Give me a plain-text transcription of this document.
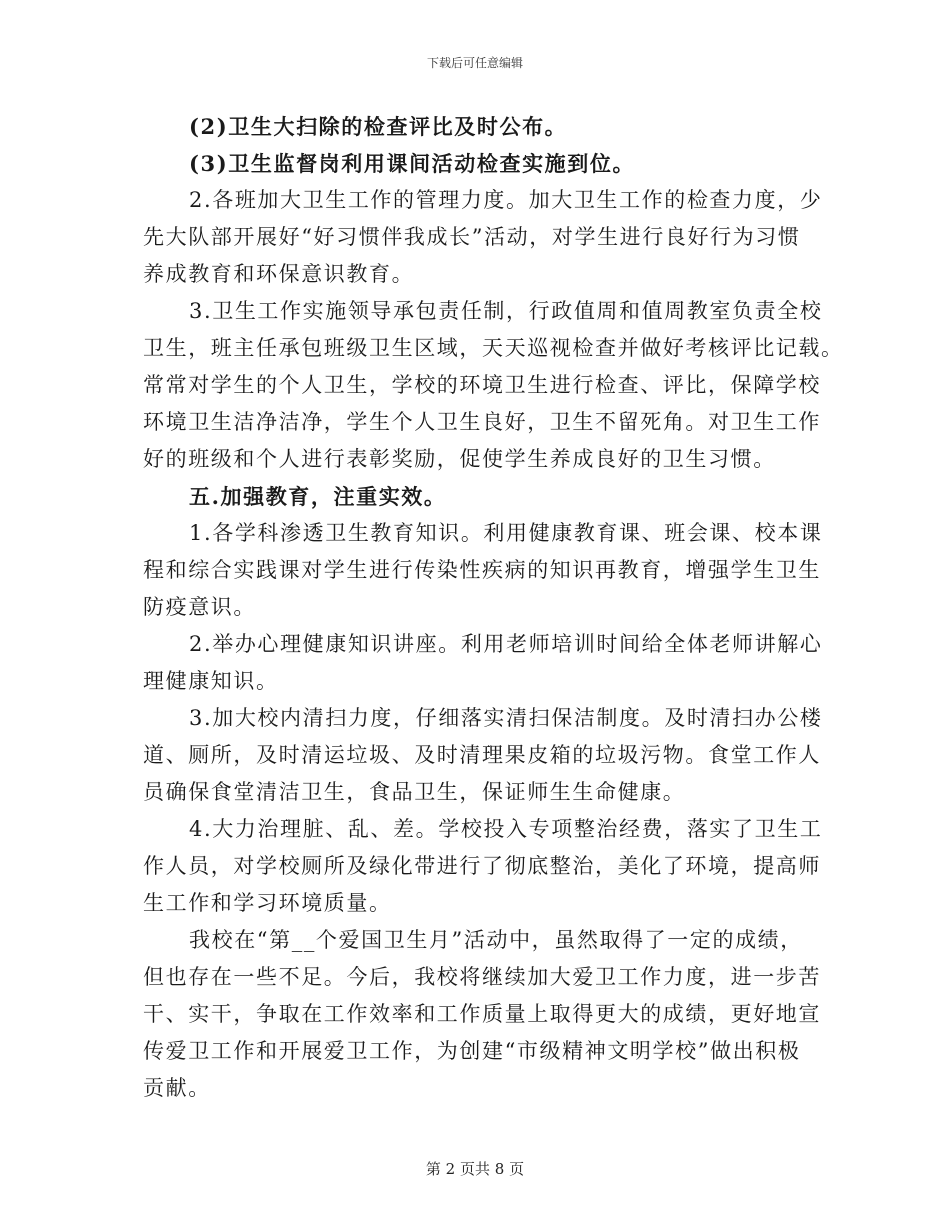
下载后可任意编辑
(2)卫生大扫除的检查评比及时公布。
(3)卫生监督岗利用课间活动检查实施到位。
2.各班加大卫生工作的管理力度。加大卫生工作的检查力度，少
先大队部开展好“好习惯伴我成长”活动，对学生进行良好行为习惯
养成教育和环保意识教育。
3.卫生工作实施领导承包责任制，行政值周和值周教室负责全校
卫生，班主任承包班级卫生区域，天天巡视检查并做好考核评比记载。
常常对学生的个人卫生，学校的环境卫生进行检查、评比，保障学校
环境卫生洁净洁净，学生个人卫生良好，卫生不留死角。对卫生工作
好的班级和个人进行表彰奖励，促使学生养成良好的卫生习惯。
五.加强教育，注重实效。
1.各学科渗透卫生教育知识。利用健康教育课、班会课、校本课
程和综合实践课对学生进行传染性疾病的知识再教育，增强学生卫生
防疫意识。
2.举办心理健康知识讲座。利用老师培训时间给全体老师讲解心
理健康知识。
3.加大校内清扫力度，仔细落实清扫保洁制度。及时清扫办公楼
道、厕所，及时清运垃圾、及时清理果皮箱的垃圾污物。食堂工作人
员确保食堂清洁卫生，食品卫生，保证师生生命健康。
4.大力治理脏、乱、差。学校投入专项整治经费，落实了卫生工
作人员，对学校厕所及绿化带进行了彻底整治，美化了环境，提高师
生工作和学习环境质量。
我校在“第__个爱国卫生月”活动中，虽然取得了一定的成绩，
但也存在一些不足。今后，我校将继续加大爱卫工作力度，进一步苦
干、实干，争取在工作效率和工作质量上取得更大的成绩，更好地宣
传爱卫工作和开展爱卫工作，为创建“市级精神文明学校”做出积极
贡献。
第 2 页共 8 页
